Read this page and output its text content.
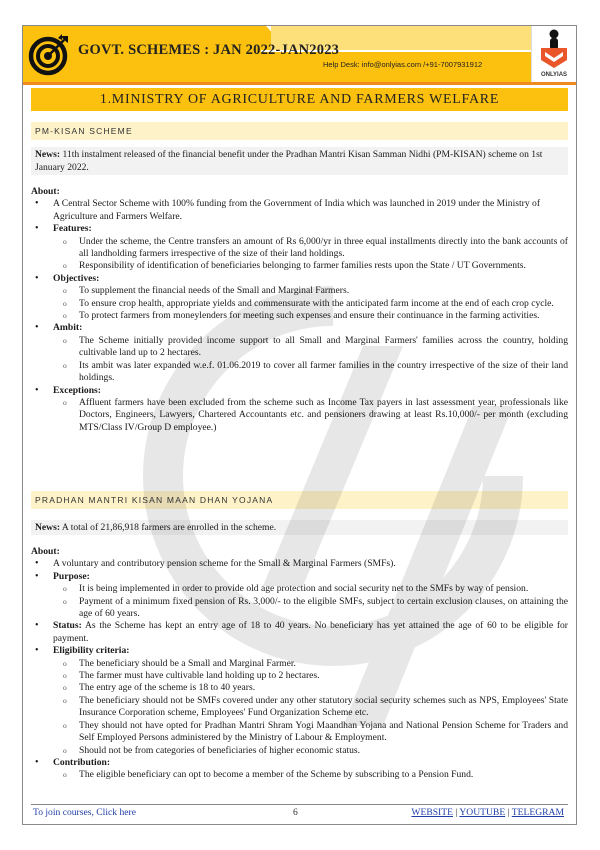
GOVT. SCHEMES : JAN 2022-JAN2023
Help Desk: info@onlyias.com /+91-7007931912
ONLYIAS
1.MINISTRY OF AGRICULTURE AND FARMERS WELFARE
PM-KISAN SCHEME
News: 11th instalment released of the financial benefit under the Pradhan Mantri Kisan Samman Nidhi (PM-KISAN) scheme on 1st January 2022.
About:
• A Central Sector Scheme with 100% funding from the Government of India which was launched in 2019 under the Ministry of Agriculture and Farmers Welfare.
• Features:
o Under the scheme, the Centre transfers an amount of Rs 6,000/yr in three equal installments directly into the bank accounts of all landholding farmers irrespective of the size of their land holdings.
o Responsibility of identification of beneficiaries belonging to farmer families rests upon the State / UT Governments.
• Objectives:
o To supplement the financial needs of the Small and Marginal Farmers.
o To ensure crop health, appropriate yields and commensurate with the anticipated farm income at the end of each crop cycle.
o To protect farmers from moneylenders for meeting such expenses and ensure their continuance in the farming activities.
• Ambit:
o The Scheme initially provided income support to all Small and Marginal Farmers' families across the country, holding cultivable land up to 2 hectares.
o Its ambit was later expanded w.e.f. 01.06.2019 to cover all farmer families in the country irrespective of the size of their land holdings.
• Exceptions:
o Affluent farmers have been excluded from the scheme such as Income Tax payers in last assessment year, professionals like Doctors, Engineers, Lawyers, Chartered Accountants etc. and pensioners drawing at least Rs.10,000/- per month (excluding MTS/Class IV/Group D employee.)
PRADHAN MANTRI KISAN MAAN DHAN YOJANA
News: A total of 21,86,918 farmers are enrolled in the scheme.
About:
• A voluntary and contributory pension scheme for the Small & Marginal Farmers (SMFs).
• Purpose:
o It is being implemented in order to provide old age protection and social security net to the SMFs by way of pension.
o Payment of a minimum fixed pension of Rs. 3,000/- to the eligible SMFs, subject to certain exclusion clauses, on attaining the age of 60 years.
• Status: As the Scheme has kept an entry age of 18 to 40 years. No beneficiary has yet attained the age of 60 to be eligible for payment.
• Eligibility criteria:
o The beneficiary should be a Small and Marginal Farmer.
o The farmer must have cultivable land holding up to 2 hectares.
o The entry age of the scheme is 18 to 40 years.
o The beneficiary should not be SMFs covered under any other statutory social security schemes such as NPS, Employees' State Insurance Corporation scheme, Employees' Fund Organization Scheme etc.
o They should not have opted for Pradhan Mantri Shram Yogi Maandhan Yojana and National Pension Scheme for Traders and Self Employed Persons administered by the Ministry of Labour & Employment.
o Should not be from categories of beneficiaries of higher economic status.
• Contribution:
o The eligible beneficiary can opt to become a member of the Scheme by subscribing to a Pension Fund.
To join courses, Click here	6	WEBSITE | YOUTUBE | TELEGRAM
